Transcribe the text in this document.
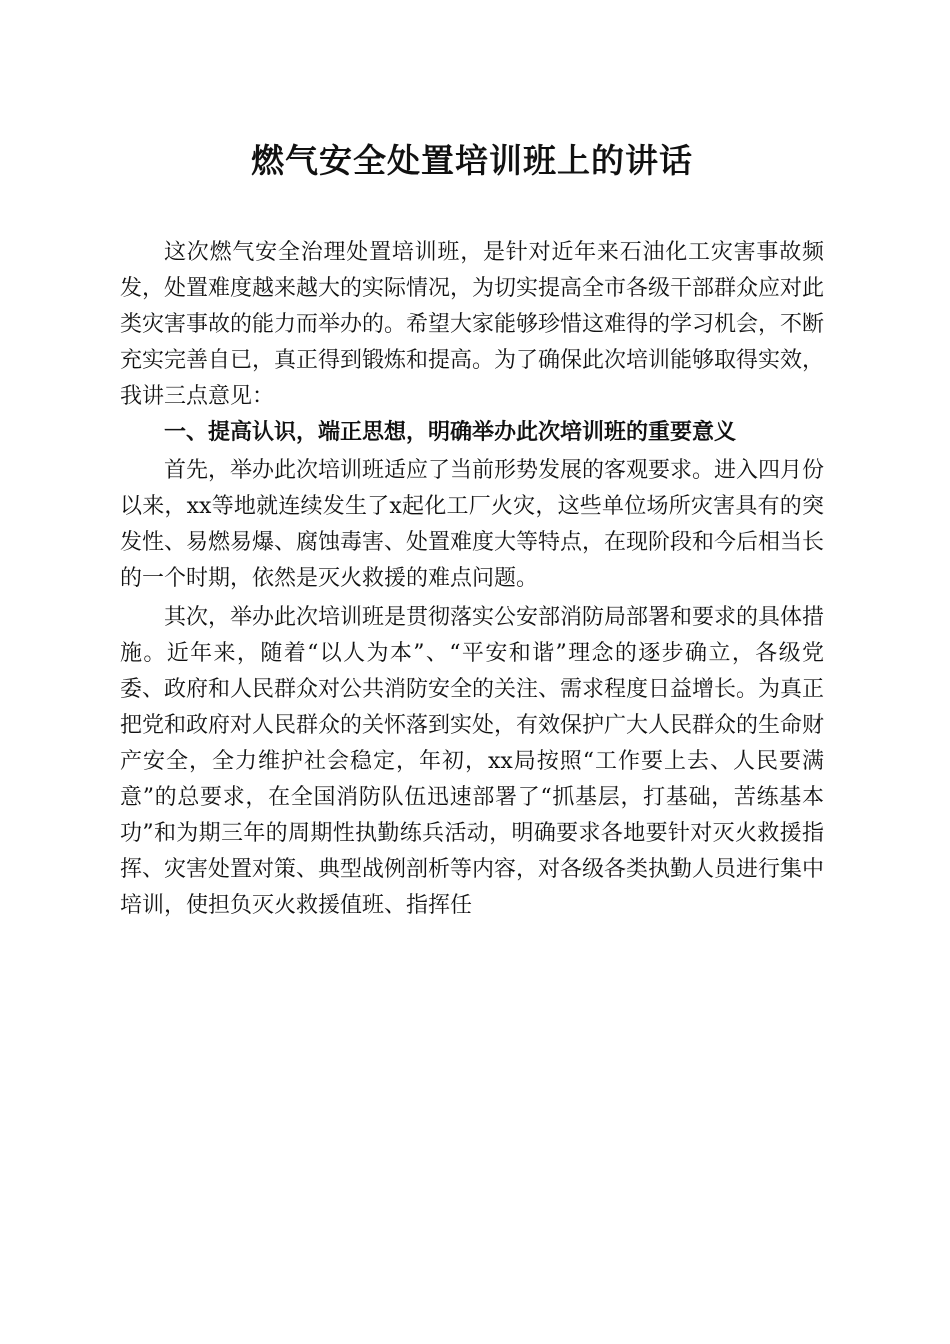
燃气安全处置培训班上的讲话

这次燃气安全治理处置培训班，是针对近年来石油化工灾害事故频发，处置难度越来越大的实际情况，为切实提高全市各级干部群众应对此类灾害事故的能力而举办的。希望大家能够珍惜这难得的学习机会，不断充实完善自已，真正得到锻炼和提高。为了确保此次培训能够取得实效，我讲三点意见：

一、提高认识，端正思想，明确举办此次培训班的重要意义

首先，举办此次培训班适应了当前形势发展的客观要求。进入四月份以来，xx等地就连续发生了x起化工厂火灾，这些单位场所灾害具有的突发性、易燃易爆、腐蚀毒害、处置难度大等特点，在现阶段和今后相当长的一个时期，依然是灭火救援的难点问题。

其次，举办此次培训班是贯彻落实公安部消防局部署和要求的具体措施。近年来，随着“以人为本”、“平安和谐”理念的逐步确立，各级党委、政府和人民群众对公共消防安全的关注、需求程度日益增长。为真正把党和政府对人民群众的关怀落到实处，有效保护广大人民群众的生命财产安全，全力维护社会稳定，年初，xx局按照“工作要上去、人民要满意”的总要求，在全国消防队伍迅速部署了“抓基层，打基础，苦练基本功”和为期三年的周期性执勤练兵活动，明确要求各地要针对灭火救援指挥、灾害处置对策、典型战例剖析等内容，对各级各类执勤人员进行集中培训，使担负灭火救援值班、指挥任
